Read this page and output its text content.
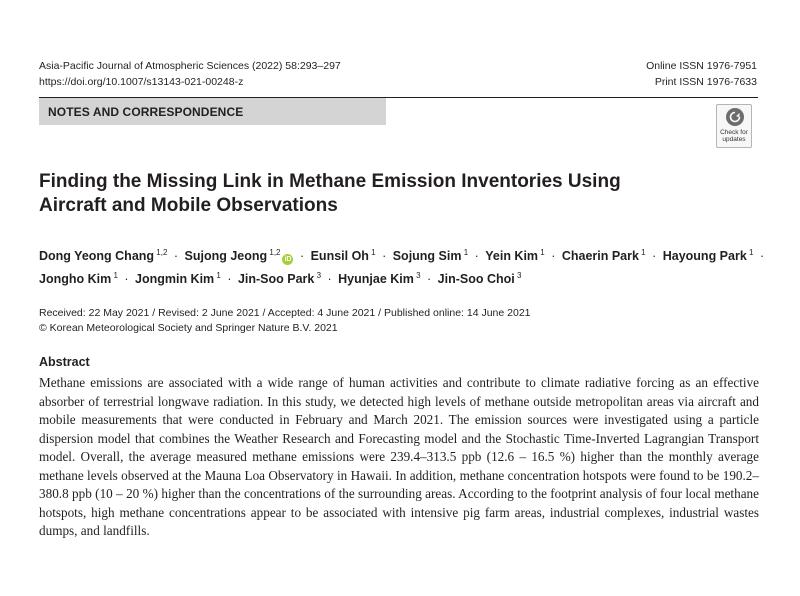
Asia-Pacific Journal of Atmospheric Sciences (2022) 58:293–297
https://doi.org/10.1007/s13143-021-00248-z
Online ISSN 1976-7951
Print ISSN 1976-7633
NOTES AND CORRESPONDENCE
Check for
updates
Finding the Missing Link in Methane Emission Inventories Using Aircraft and Mobile Observations
Dong Yeong Chang $^{1,2}$ · Sujong Jeong $^{1,2}$iD · Eunsil Oh $^1$ · Sojung Sim $^1$ · Yein Kim $^1$ · Chaerin Park $^1$ · Hayoung Park $^1$ · Jongho Kim $^1$ · Jongmin Kim $^1$ · Jin-Soo Park $^3$ · Hyunjae Kim $^3$ · Jin-Soo Choi $^3$
Received: 22 May 2021 / Revised: 2 June 2021 / Accepted: 4 June 2021 / Published online: 14 June 2021
© Korean Meteorological Society and Springer Nature B.V. 2021
Abstract
Methane emissions are associated with a wide range of human activities and contribute to climate radiative forcing as an effective absorber of terrestrial longwave radiation. In this study, we detected high levels of methane outside metropolitan areas via aircraft and mobile measurements that were conducted in February and March 2021. The emission sources were investigated using a particle dispersion model that combines the Weather Research and Forecasting model and the Stochastic Time-Inverted Lagrangian Transport model. Overall, the average measured methane emissions were 239.4–313.5 ppb (12.6 – 16.5 %) higher than the monthly average methane levels observed at the Mauna Loa Observatory in Hawaii. In addition, methane concentration hotspots were found to be 190.2–380.8 ppb (10 – 20 %) higher than the concentrations of the surrounding areas. According to the footprint analysis of four local methane hotspots, high methane concentrations appear to be associated with intensive pig farm areas, industrial complexes, industrial wastes dumps, and landfills.
